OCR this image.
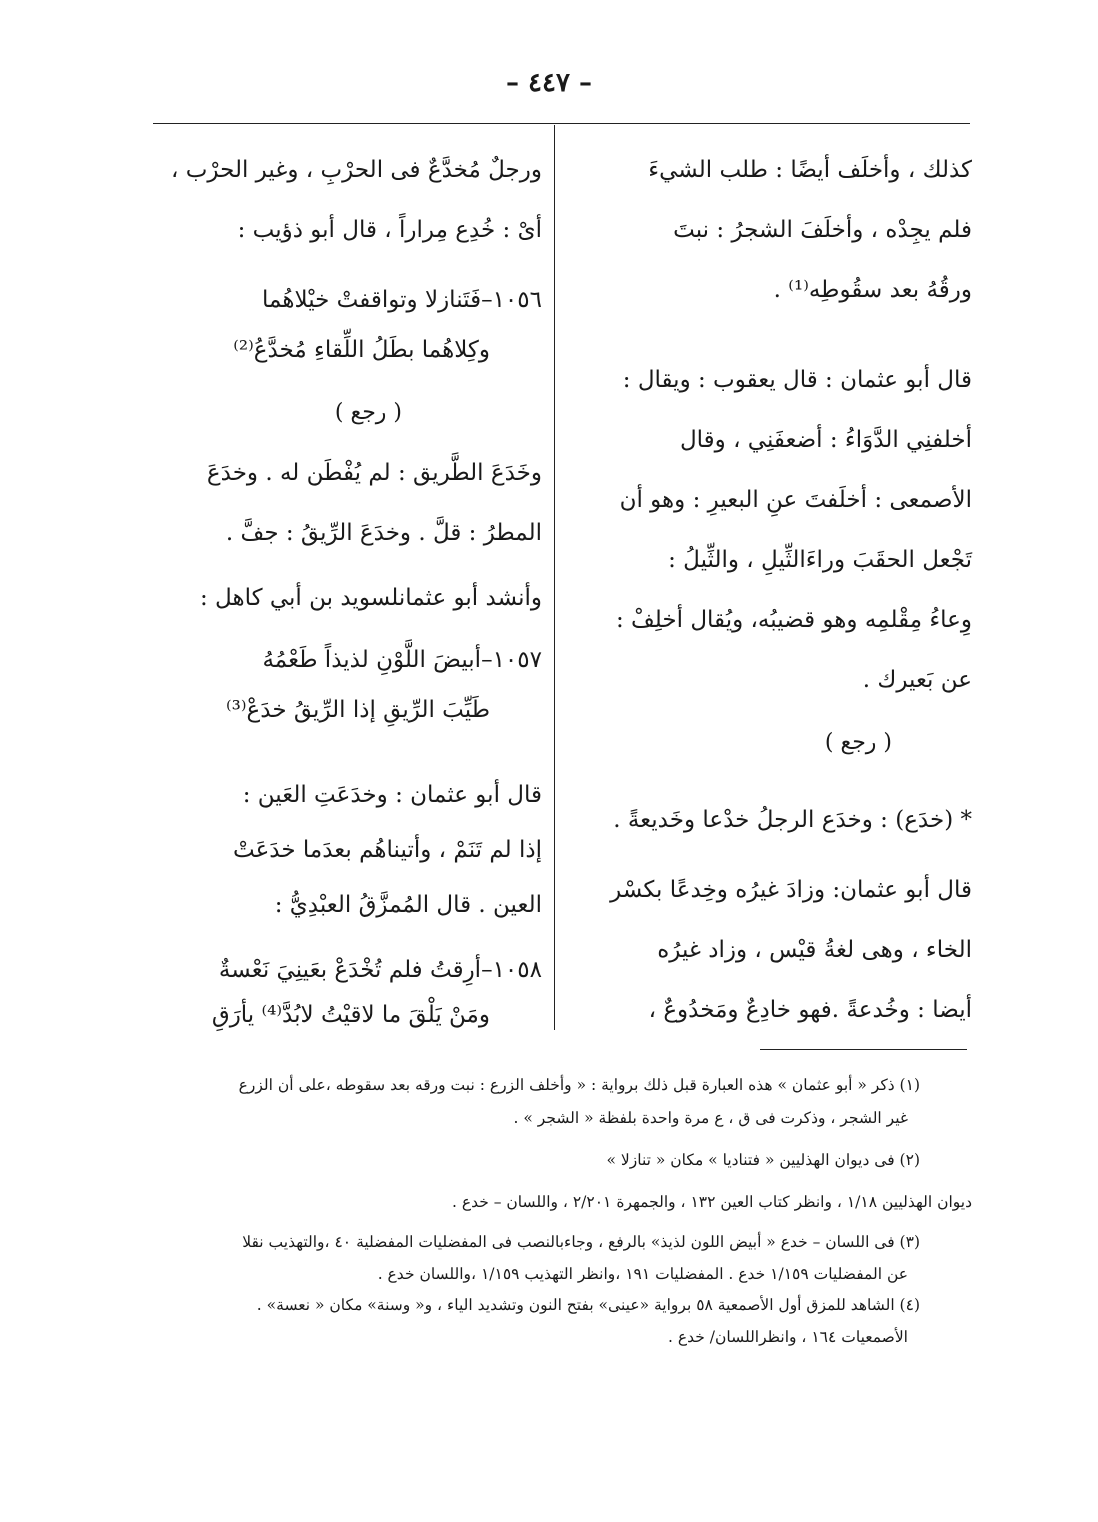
– ٤٤٧ –
كذلك ، وأخلَف أيضًا : طلب الشيءَ
فلم يجِدْه ، وأخلَفَ الشجرُ : نبتَ
ورقُهُ بعد سقُوطِه⁽¹⁾ .
قال أبو عثمان : قال يعقوب : ويقال :
أخلفنِي الدَّوَاءُ : أضعفَنِي ، وقال
الأصمعى : أخلَفتَ عنِ البعيرِ : وهو أن
تَجْعل الحقَبَ وراءَالثِّيلِ ، والثِّيلُ :
وِعاءُ مِقْلمِه وهو قضيبُه، ويُقال أخلِفْ :
عن بَعيرك .
( رجع )
* (خدَع) : وخدَع الرجلُ خدْعا وخَديعةً .
قال أبو عثمان: وزادَ غيرُه وخِدعًا بكسْر
الخاء ، وهى لغةُ قيْس ، وزاد غيرُه
أيضا : وخُدعةً .فهو خادِعٌ ومَخدُوعٌ ،
ورجلٌ مُخدَّعٌ فى الحرْبِ ، وغير الحرْب ،
أىْ : خُدِع مِراراً ، قال أبو ذؤيب :
١٠٥٦–فَتَنازلا وتواقفتْ خيْلاهُما
وكِلاهُما بطَلُ اللِّقاءِ مُخدَّعُ⁽²⁾
( رجع )
وخَدَعَ الطَّريق : لم يُفْطَن له . وخدَعَ
المطرُ : قلَّ . وخدَعَ الرِّيقُ : جفَّ .
وأنشد أبو عثمانلسويد بن أبي كاهل :
١٠٥٧–أبيضَ اللَّوْنِ لذيذاً طَعْمُهُ
طَيِّبَ الرِّيقِ إذا الرِّيقُ خدَعْ⁽³⁾
قال أبو عثمان : وخدَعَتِ العَين :
إذا لم تَنَمْ ، وأتيناهُم بعدَما خدَعَتْ
العين . قال المُمزَّقُ العبْدِيُّ :
١٠٥٨–أرِقتُ فلم تُخْدَعْ بعَينِيَ نَعْسةٌ
ومَنْ يَلْقَ ما لاقيْتُ لابُدَّ⁽⁴⁾ يأرَقِ
(١) ذكر « أبو عثمان » هذه العبارة قبل ذلك برواية : « وأخلف الزرع : نبت ورقه بعد سقوطه ،على أن الزرع
غير الشجر ، وذكرت فى ق ، ع مرة واحدة بلفظة « الشجر » .
(٢) فى ديوان الهذليين « فتناديا » مكان « تنازلا »
ديوان الهذليين ١/١٨ ، وانظر كتاب العين ١٣٢ ، والجمهرة ٢/٢٠١ ، واللسان – خدع .
(٣) فى اللسان – خدع « أبيض اللون لذيذ» بالرفع ، وجاءبالنصب فى المفضليات المفضلية ٤٠ ،والتهذيب نقلا
عن المفضليات ١/١٥٩ خدع . المفضليات ١٩١ ،وانظر التهذيب ١/١٥٩ ،واللسان خدع .
(٤) الشاهد للمزق أول الأصمعية ٥٨ برواية «عينى» بفتح النون وتشديد الياء ، و« وسنة» مكان « نعسة» .
الأصمعيات ١٦٤ ، وانظراللسان/ خدع .
